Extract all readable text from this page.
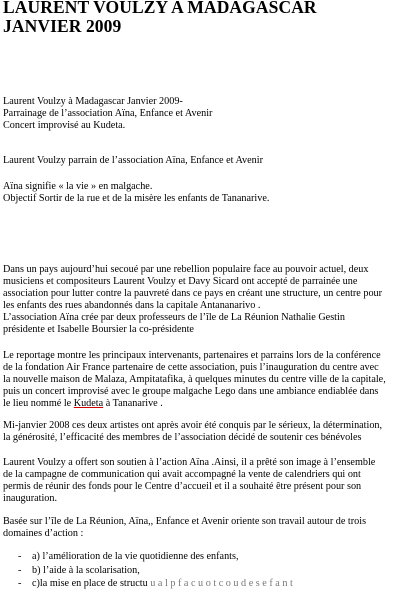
LAURENT VOULZY A MADAGASCAR
JANVIER 2009
Laurent Voulzy à Madagascar Janvier 2009-
Parrainage de l’association Aïna, Enfance et Avenir
Concert improvisé au Kudeta.
Laurent Voulzy parrain de l’association Aïna, Enfance et Avenir
Aïna signifie « la vie » en malgache.
Objectif Sortir de la rue et de la misère les enfants de Tananarive.
Dans un pays aujourd’hui secoué par une rebellion populaire face au pouvoir actuel, deux
musiciens et compositeurs Laurent Voulzy et Davy Sicard ont accepté de parrainée une
association pour lutter contre la pauvreté dans ce pays en créant une structure, un centre pour
les enfants des rues abandonnés dans la capitale Antananarivo .
L’association Aïna crée par deux professeurs de l’île de La Réunion Nathalie Gestin
présidente et Isabelle Boursier la co-présidente
Le reportage montre les principaux intervenants, partenaires et parrains lors de la conférence
de la fondation Air France partenaire de cette association, puis l’inauguration du centre avec
la nouvelle maison de Malaza, Ampitatafika, à quelques minutes du centre ville de la capitale,
puis un concert improvisé avec le groupe malgache Lego dans une ambiance endiablée dans
le lieu nommé le Kudeta à Tananarive .
Mi-janvier 2008 ces deux artistes ont après avoir été conquis par le sérieux, la détermination,
la générosité, l’efficacité des membres de l’association décidé de soutenir ces bénévoles
Laurent Voulzy a offert son soutien à l’action Aïna .Ainsi, il a prêté son image à l’ensemble
de la campagne de communication qui avait accompagné la vente de calendriers qui ont
permis de réunir des fonds pour le Centre d’accueil et il a souhaité être présent pour son
inauguration.
Basée sur l’île de La Réunion, Aïna,, Enfance et Avenir oriente son travail autour de trois
domaines d’action :
-	a) l’amélioration de la vie quotidienne des enfants,
-	b) l’aide à la scolarisation,
-	c)la mise en place de structu u a l p f a c u o t c o u d e s e f a n t
